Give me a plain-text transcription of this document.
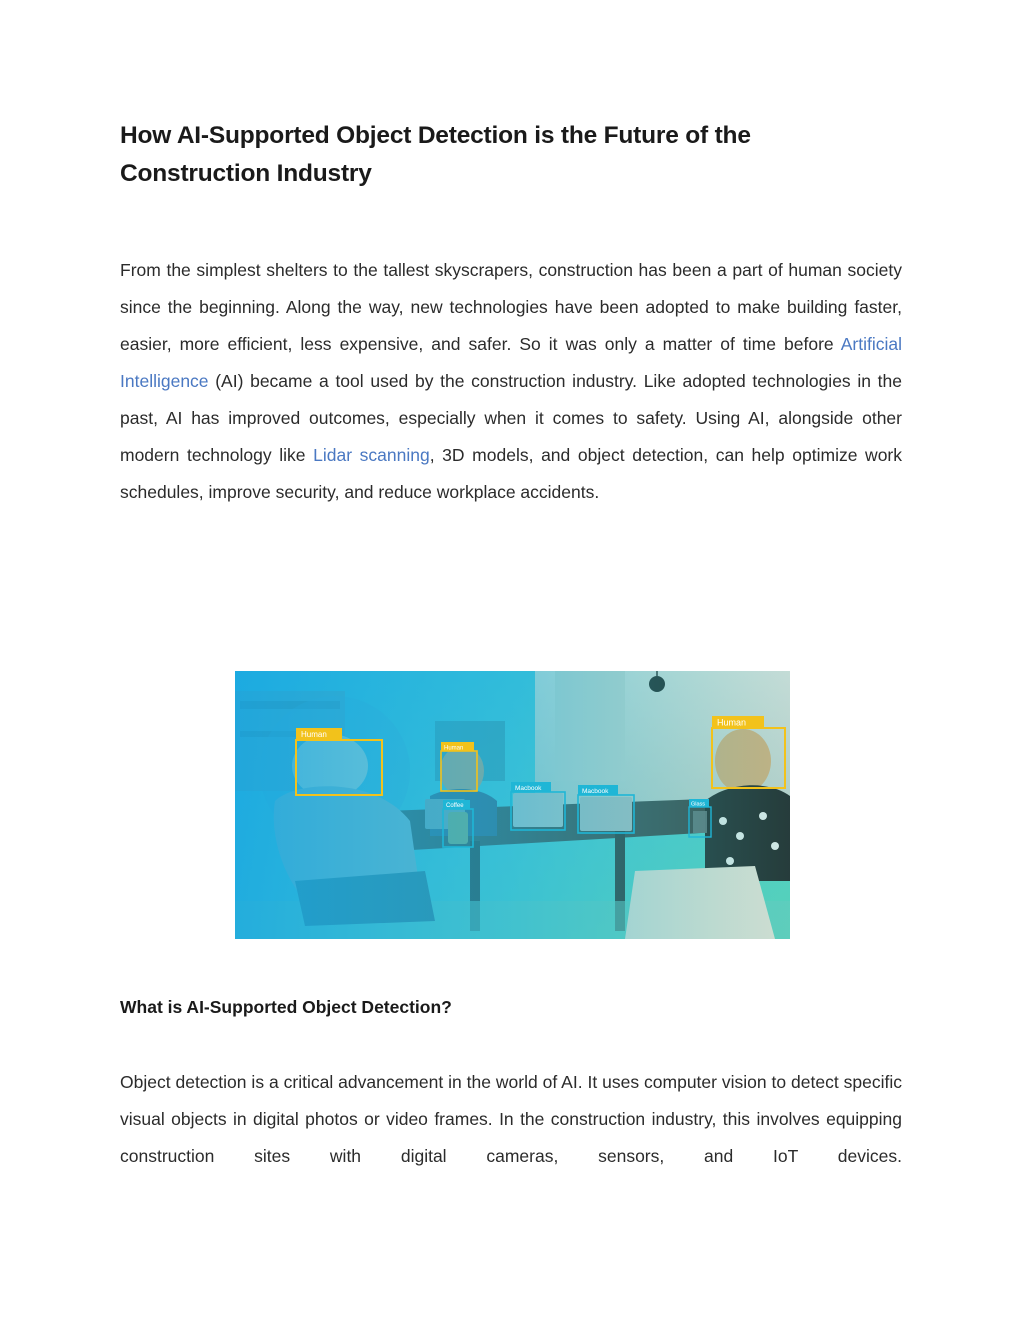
How AI-Supported Object Detection is the Future of the Construction Industry

From the simplest shelters to the tallest skyscrapers, construction has been a part of human society since the beginning. Along the way, new technologies have been adopted to make building faster, easier, more efficient, less expensive, and safer. So it was only a matter of time before Artificial Intelligence (AI) became a tool used by the construction industry. Like adopted technologies in the past, AI has improved outcomes, especially when it comes to safety. Using AI, alongside other modern technology like Lidar scanning, 3D models, and object detection, can help optimize work schedules, improve security, and reduce workplace accidents.

Human
Human
Human
Macbook	Macbook
Coffee	Glass
What is AI-Supported Object Detection?

Object detection is a critical advancement in the world of AI. It uses computer vision to detect specific visual objects in digital photos or video frames. In the construction industry, this involves equipping construction sites with digital cameras, sensors, and IoT devices.
